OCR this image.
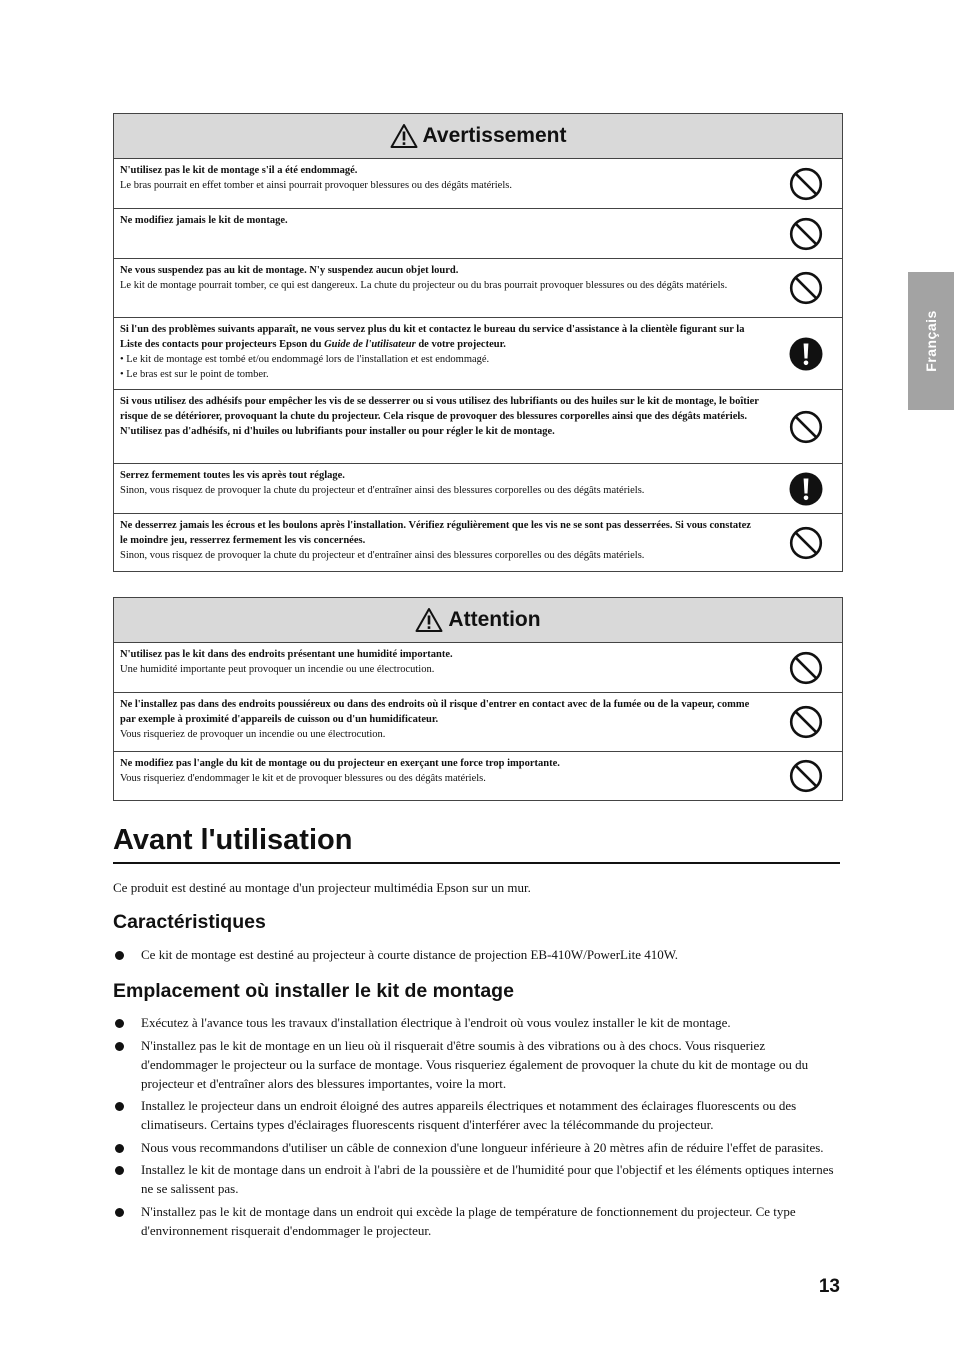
Français
Avertissement
N'utilisez pas le kit de montage s'il a été endommagé.
Le bras pourrait en effet tomber et ainsi pourrait provoquer blessures ou des dégâts matériels.
Ne modifiez jamais le kit de montage.
Ne vous suspendez pas au kit de montage. N'y suspendez aucun objet lourd.
Le kit de montage pourrait tomber, ce qui est dangereux. La chute du projecteur ou du bras pourrait provoquer blessures ou des dégâts matériels.
Si l'un des problèmes suivants apparaît, ne vous servez plus du kit et contactez le bureau du service d'assistance à la clientèle figurant sur la Liste des contacts pour projecteurs Epson du Guide de l'utilisateur de votre projecteur.
• Le kit de montage est tombé et/ou endommagé lors de l'installation et est endommagé.
• Le bras est sur le point de tomber.
Si vous utilisez des adhésifs pour empêcher les vis de se desserrer ou si vous utilisez des lubrifiants ou des huiles sur le kit de montage, le boîtier risque de se détériorer, provoquant la chute du projecteur. Cela risque de provoquer des blessures corporelles ainsi que des dégâts matériels. N'utilisez pas d'adhésifs, ni d'huiles ou lubrifiants pour installer ou pour régler le kit de montage.
Serrez fermement toutes les vis après tout réglage.
Sinon, vous risquez de provoquer la chute du projecteur et d'entraîner ainsi des blessures corporelles ou des dégâts matériels.
Ne desserrez jamais les écrous et les boulons après l'installation. Vérifiez régulièrement que les vis ne se sont pas desserrées. Si vous constatez le moindre jeu, resserrez fermement les vis concernées.
Sinon, vous risquez de provoquer la chute du projecteur et d'entraîner ainsi des blessures corporelles ou des dégâts matériels.
Attention
N'utilisez pas le kit dans des endroits présentant une humidité importante.
Une humidité importante peut provoquer un incendie ou une électrocution.
Ne l'installez pas dans des endroits poussiéreux ou dans des endroits où il risque d'entrer en contact avec de la fumée ou de la vapeur, comme par exemple à proximité d'appareils de cuisson ou d'un humidificateur.
Vous risqueriez de provoquer un incendie ou une électrocution.
Ne modifiez pas l'angle du kit de montage ou du projecteur en exerçant une force trop importante.
Vous risqueriez d'endommager le kit et de provoquer blessures ou des dégâts matériels.
Avant l'utilisation
Ce produit est destiné au montage d'un projecteur multimédia Epson sur un mur.
Caractéristiques
Ce kit de montage est destiné au projecteur à courte distance de projection EB-410W/PowerLite 410W.
Emplacement où installer le kit de montage
Exécutez à l'avance tous les travaux d'installation électrique à l'endroit où vous voulez installer le kit de montage.
N'installez pas le kit de montage en un lieu où il risquerait d'être soumis à des vibrations ou à des chocs. Vous risqueriez d'endommager le projecteur ou la surface de montage. Vous risqueriez également de provoquer la chute du kit de montage ou du projecteur et d'entraîner alors des blessures importantes, voire la mort.
Installez le projecteur dans un endroit éloigné des autres appareils électriques et notamment des éclairages fluorescents ou des climatiseurs. Certains types d'éclairages fluorescents risquent d'interférer avec la télécommande du projecteur.
Nous vous recommandons d'utiliser un câble de connexion d'une longueur inférieure à 20 mètres afin de réduire l'effet de parasites.
Installez le kit de montage dans un endroit à l'abri de la poussière et de l'humidité pour que l'objectif et les éléments optiques internes ne se salissent pas.
N'installez pas le kit de montage dans un endroit qui excède la plage de température de fonctionnement du projecteur. Ce type d'environnement risquerait d'endommager le projecteur.
13
